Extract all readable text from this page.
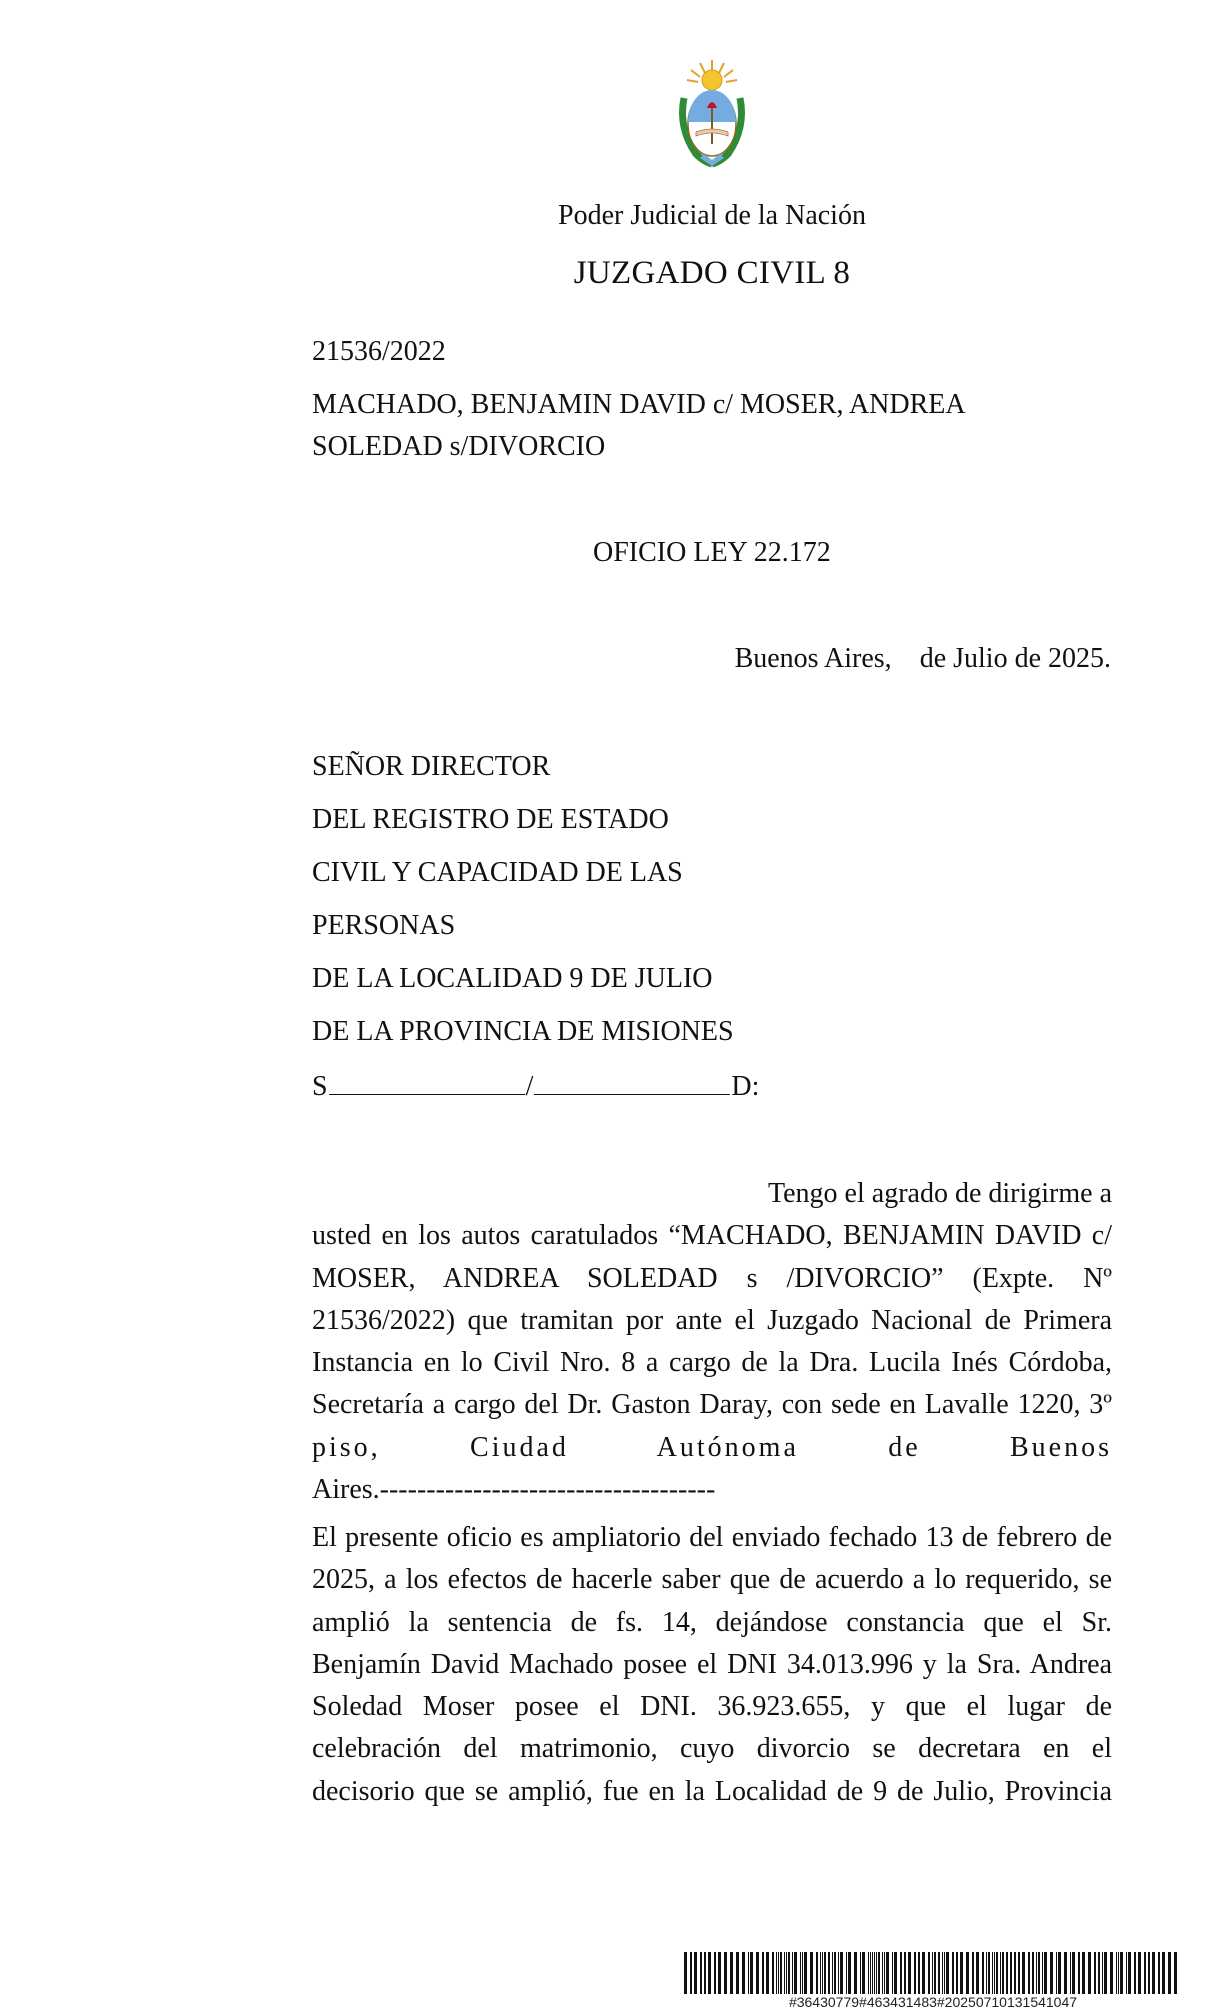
Poder Judicial de la Nación
JUZGADO CIVIL 8
21536/2022
MACHADO, BENJAMIN DAVID c/ MOSER, ANDREA
SOLEDAD s/DIVORCIO
OFICIO LEY 22.172
Buenos Aires, de Julio de 2025.
SEÑOR DIRECTOR
DEL REGISTRO DE ESTADO
CIVIL Y CAPACIDAD DE LAS
PERSONAS
DE LA LOCALIDAD 9 DE JULIO
DE LA PROVINCIA DE MISIONES
S	/	D:
Tengo el agrado de dirigirme a
usted en los autos caratulados “MACHADO, BENJAMIN DAVID c/
MOSER, ANDREA SOLEDAD s /DIVORCIO” (Expte. Nº
21536/2022) que tramitan por ante el Juzgado Nacional de Primera
Instancia en lo Civil Nro. 8 a cargo de la Dra. Lucila Inés Córdoba,
Secretaría a cargo del Dr. Gaston Daray, con sede en Lavalle 1220, 3º
piso, Ciudad Autónoma de Buenos
Aires.------------------------------------
El presente oficio es ampliatorio del enviado fechado 13 de febrero de
2025, a los efectos de hacerle saber que de acuerdo a lo requerido, se
amplió la sentencia de fs. 14, dejándose constancia que el Sr.
Benjamín David Machado posee el DNI 34.013.996 y la Sra. Andrea
Soledad Moser posee el DNI. 36.923.655, y que el lugar de
celebración del matrimonio, cuyo divorcio se decretara en el
decisorio que se amplió, fue en la Localidad de 9 de Julio, Provincia
#36430779#463431483#20250710131541047
